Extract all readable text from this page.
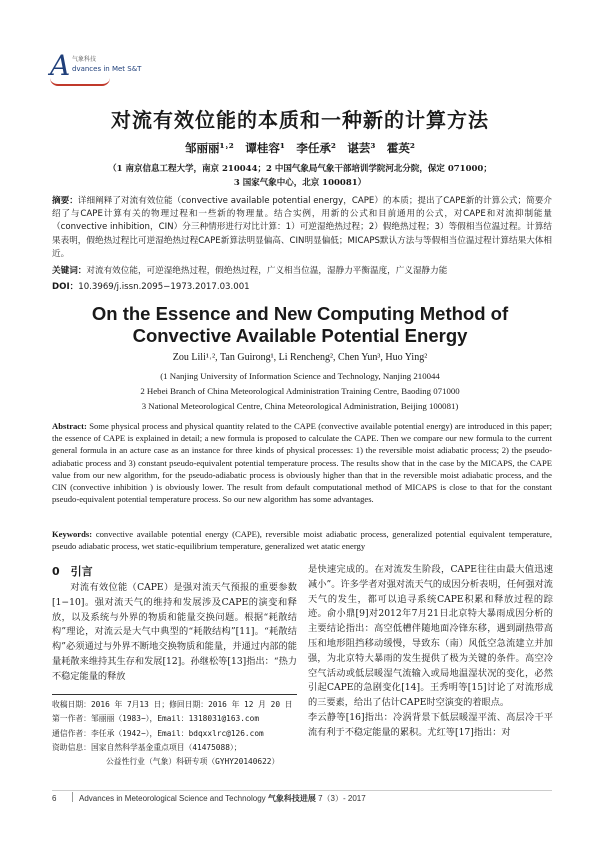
A 气象科技
dvances in Met S&T
对流有效位能的本质和一种新的计算方法
邹丽丽¹˒²　谭桂容¹　李任承²　谌芸³　霍英²
（1 南京信息工程大学，南京 210044；2 中国气象局气象干部培训学院河北分院，保定 071000；
3 国家气象中心，北京 100081）
摘要：详细阐释了对流有效位能（convective available potential energy，CAPE）的本质；提出了CAPE新的计算公式；简要介绍了与CAPE计算有关的物理过程和一些新的物理量。结合实例，用新的公式和目前通用的公式，对CAPE和对流抑制能量（convective inhibition，CIN）分三种情形进行对比计算：1）可逆湿绝热过程；2）假绝热过程；3）等假相当位温过程。计算结果表明，假绝热过程比可逆湿绝热过程CAPE新算法明显偏高、CIN明显偏低；MICAPS默认方法与等假相当位温过程计算结果大体相近。
关键词：对流有效位能，可逆湿绝热过程，假绝热过程，广义相当位温，湿静力平衡温度，广义湿静力能
DOI：10.3969/j.issn.2095−1973.2017.03.001
On the Essence and New Computing Method of
Convective Available Potential Energy
Zou Lili¹˒², Tan Guirong¹, Li Rencheng², Chen Yun³, Huo Ying²
(1 Nanjing University of Information Science and Technology, Nanjing 210044
2 Hebei Branch of China Meteorological Administration Training Centre, Baoding 071000
3 National Meteorological Centre, China Meteorological Administration, Beijing 100081)
Abstract: Some physical process and physical quantity related to the CAPE (convective available potential energy) are introduced in this paper; the essence of CAPE is explained in detail; a new formula is proposed to calculate the CAPE. Then we compare our new formula to the current general formula in an acture case as an instance for three kinds of physical processes: 1) the reversible moist adiabatic process; 2) the pseudo-adiabatic process and 3) constant pseudo-equivalent potential temperature process. The results show that in the case by the MICAPS, the CAPE value from our new algorithm, for the pseudo-adiabatic process is obviously higher than that in the reversible moist adiabatic process, and the CIN (convective inhibition ) is obviously lower. The result from default computational method of MICAPS is close to that for the constant pseudo-equivalent potential temperature process. So our new algorithm has some advantages.
Keywords: convective available potential energy (CAPE), reversible moist adiabatic process, generalized potential equivalent temperature, pseudo adiabatic process, wet static-equilibrium temperature, generalized wet atatic energy
0　引言

对流有效位能（CAPE）是强对流天气预报的重要参数[1−10]。强对流天气的维持和发展涉及CAPE的演变和释放，以及系统与外界的物质和能量交换问题。根据“耗散结构”理论，对流云是大气中典型的“耗散结构”[11]。“耗散结构”必须通过与外界不断地交换物质和能量，并通过内部的能量耗散来维持其生存和发展[12]。孙继松等[13]指出：“热力不稳定能量的释放

收稿日期：2016 年 7月13 日；修回日期：2016 年 12 月 20 日
第一作者：邹丽丽（1983−），Email：1318031@163.com
通信作者：李任承（1942−），Email：bdqxxlrc@126.com
资助信息：国家自然科学基金重点项目（41475088）；
公益性行业（气象）科研专项（GYHY20140622）

是快速完成的。在对流发生阶段，CAPE往往由最大值迅速减小”。许多学者对强对流天气的成因分析表明，任何强对流天气的发生，都可以追寻系统CAPE积累和释放过程的踪迹。俞小鼎[9]对2012年7月21日北京特大暴雨成因分析的主要结论指出：高空低槽伴随地面冷锋东移，遇到副热带高压和地形阻挡移动缓慢，导致东（南）风低空急流建立并加强，为北京特大暴雨的发生提供了极为关键的条件。高空冷空气活动或低层暖湿气流输入或局地温湿状况的变化，必然引起CAPE的急剧变化[14]。王秀明等[15]讨论了对流形成的三要素，给出了估计CAPE时空演变的着眼点。

李云静等[16]指出：冷涡背景下低层暖湿平流、高层冷干平流有利于不稳定能量的累积。尤红等[17]指出：对

6	Advances in Meteorological Science and Technology 气象科技进展 7（3）- 2017
